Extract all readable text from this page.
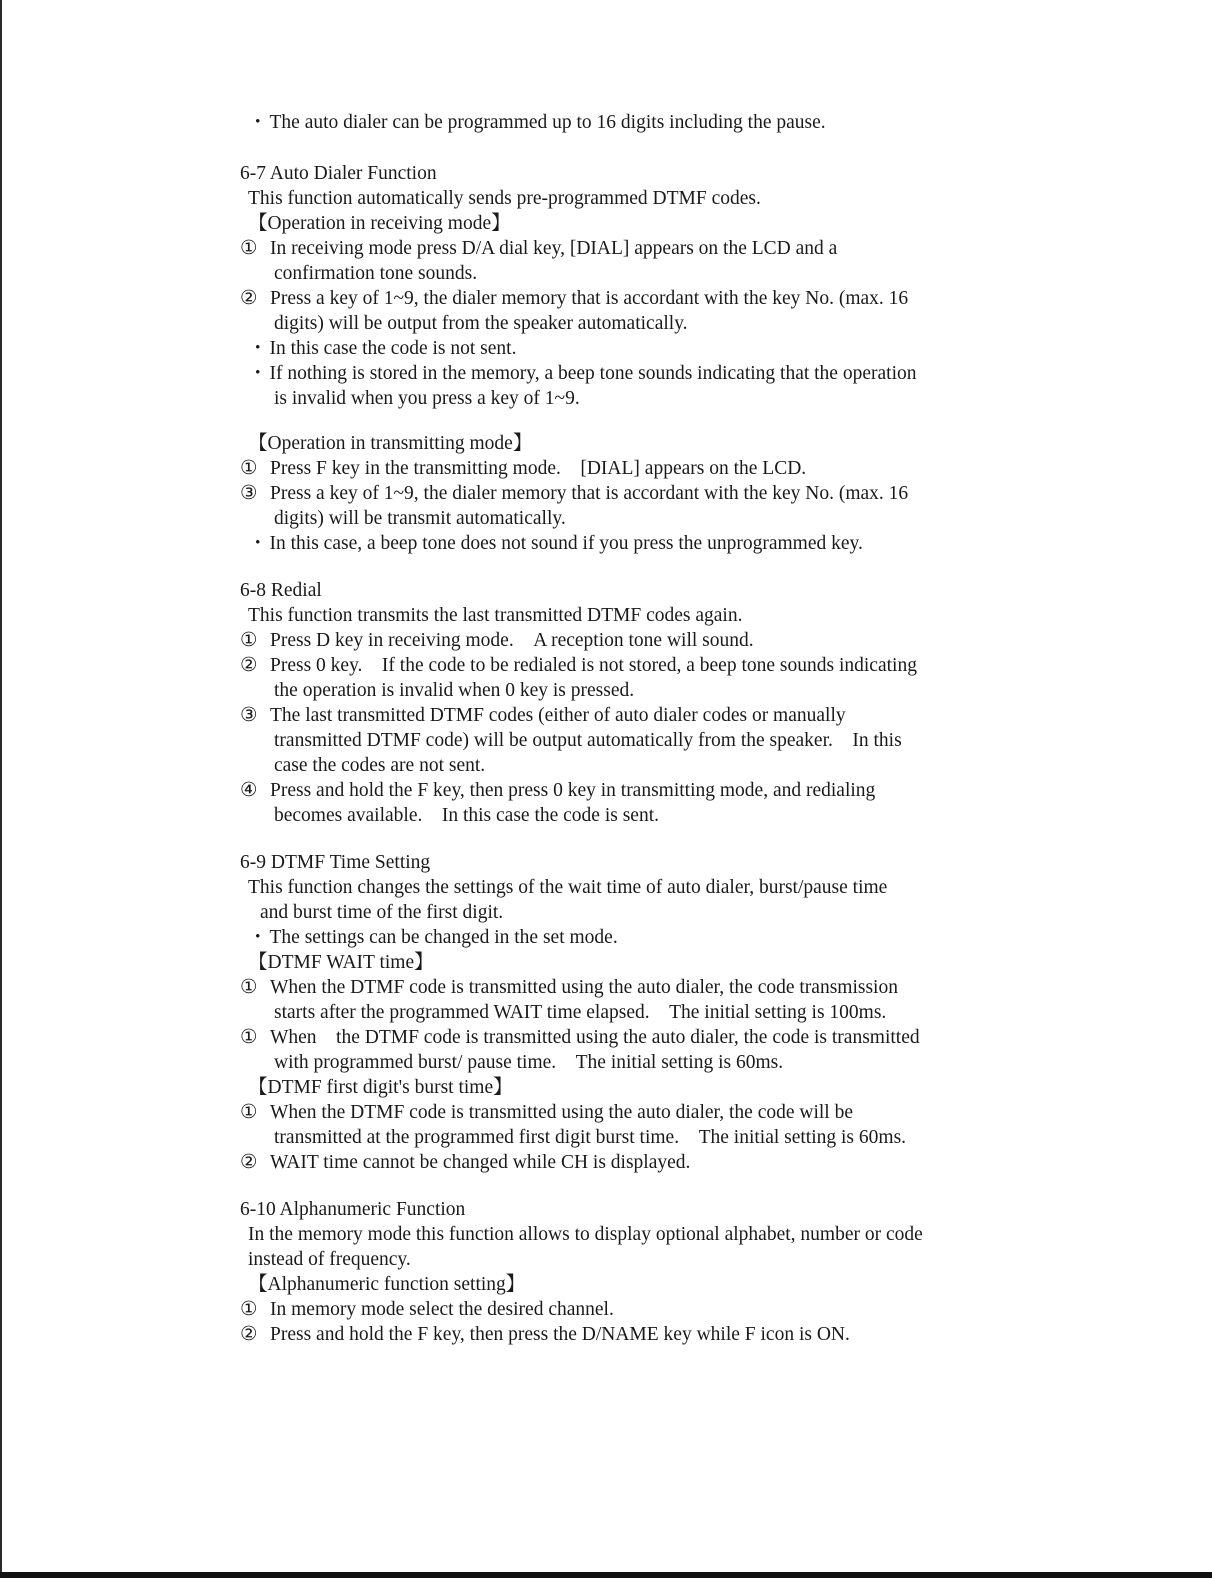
・ The auto dialer can be programmed up to 16 digits including the pause.
6-7 Auto Dialer Function
This function automatically sends pre-programmed DTMF codes.
【Operation in receiving mode】
① In receiving mode press D/A dial key, [DIAL] appears on the LCD and a
confirmation tone sounds.
② Press a key of 1~9, the dialer memory that is accordant with the key No. (max. 16
digits) will be output from the speaker automatically.
・ In this case the code is not sent.
・ If nothing is stored in the memory, a beep tone sounds indicating that the operation
is invalid when you press a key of 1~9.
【Operation in transmitting mode】
① Press F key in the transmitting mode.　[DIAL] appears on the LCD.
③ Press a key of 1~9, the dialer memory that is accordant with the key No. (max. 16
digits) will be transmit automatically.
・ In this case, a beep tone does not sound if you press the unprogrammed key.
6-8 Redial
This function transmits the last transmitted DTMF codes again.
① Press D key in receiving mode.　A reception tone will sound.
② Press 0 key.　If the code to be redialed is not stored, a beep tone sounds indicating
the operation is invalid when 0 key is pressed.
③ The last transmitted DTMF codes (either of auto dialer codes or manually
transmitted DTMF code) will be output automatically from the speaker.　In this
case the codes are not sent.
④ Press and hold the F key, then press 0 key in transmitting mode, and redialing
becomes available.　In this case the code is sent.
6-9 DTMF Time Setting
This function changes the settings of the wait time of auto dialer, burst/pause time
and burst time of the first digit.
・ The settings can be changed in the set mode.
【DTMF WAIT time】
① When the DTMF code is transmitted using the auto dialer, the code transmission
starts after the programmed WAIT time elapsed.　The initial setting is 100ms.
① When　the DTMF code is transmitted using the auto dialer, the code is transmitted
with programmed burst/ pause time.　The initial setting is 60ms.
【DTMF first digit's burst time】
① When the DTMF code is transmitted using the auto dialer, the code will be
transmitted at the programmed first digit burst time.　The initial setting is 60ms.
② WAIT time cannot be changed while CH is displayed.
6-10 Alphanumeric Function
In the memory mode this function allows to display optional alphabet, number or code
instead of frequency.
【Alphanumeric function setting】
① In memory mode select the desired channel.
② Press and hold the F key, then press the D/NAME key while F icon is ON.
